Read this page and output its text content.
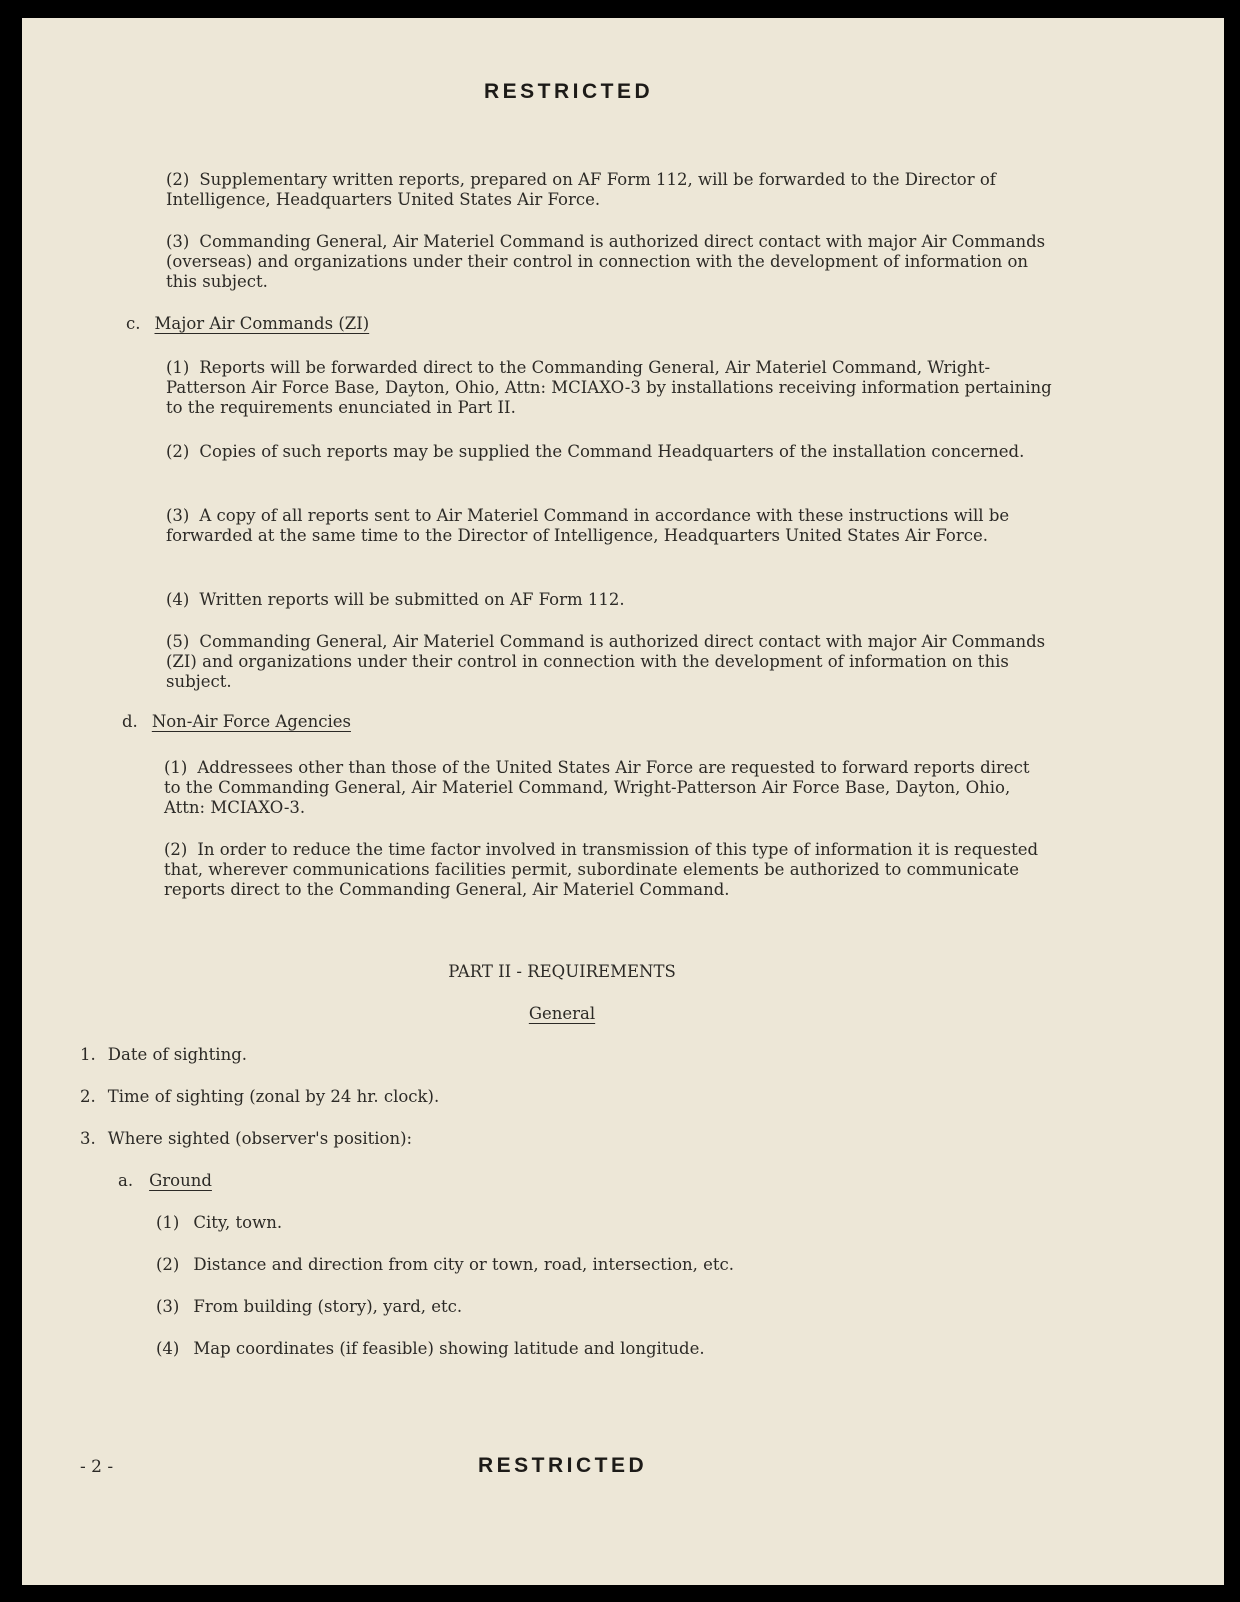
RESTRICTED

(2) Supplementary written reports, prepared on AF Form 112, will be forwarded to the Director of Intelligence, Headquarters United States Air Force.

(3) Commanding General, Air Materiel Command is authorized direct contact with major Air Commands (overseas) and organizations under their control in connection with the development of information on this subject.

c. Major Air Commands (ZI)

(1) Reports will be forwarded direct to the Commanding General, Air Materiel Command, Wright-Patterson Air Force Base, Dayton, Ohio, Attn: MCIAXO-3 by installations receiving information pertaining to the requirements enunciated in Part II.

(2) Copies of such reports may be supplied the Command Headquarters of the installation concerned.

(3) A copy of all reports sent to Air Materiel Command in accordance with these instructions will be forwarded at the same time to the Director of Intelligence, Headquarters United States Air Force.

(4) Written reports will be submitted on AF Form 112.

(5) Commanding General, Air Materiel Command is authorized direct contact with major Air Commands (ZI) and organizations under their control in connection with the development of information on this subject.

d. Non-Air Force Agencies

(1) Addressees other than those of the United States Air Force are requested to forward reports direct to the Commanding General, Air Materiel Command, Wright-Patterson Air Force Base, Dayton, Ohio, Attn: MCIAXO-3.

(2) In order to reduce the time factor involved in transmission of this type of information it is requested that, wherever communications facilities permit, subordinate elements be authorized to communicate reports direct to the Commanding General, Air Materiel Command.

PART II - REQUIREMENTS

General

1. Date of sighting.

2. Time of sighting (zonal by 24 hr. clock).

3. Where sighted (observer's position):

a. Ground

(1) City, town.

(2) Distance and direction from city or town, road, intersection, etc.

(3) From building (story), yard, etc.

(4) Map coordinates (if feasible) showing latitude and longitude.

- 2 -	RESTRICTED
